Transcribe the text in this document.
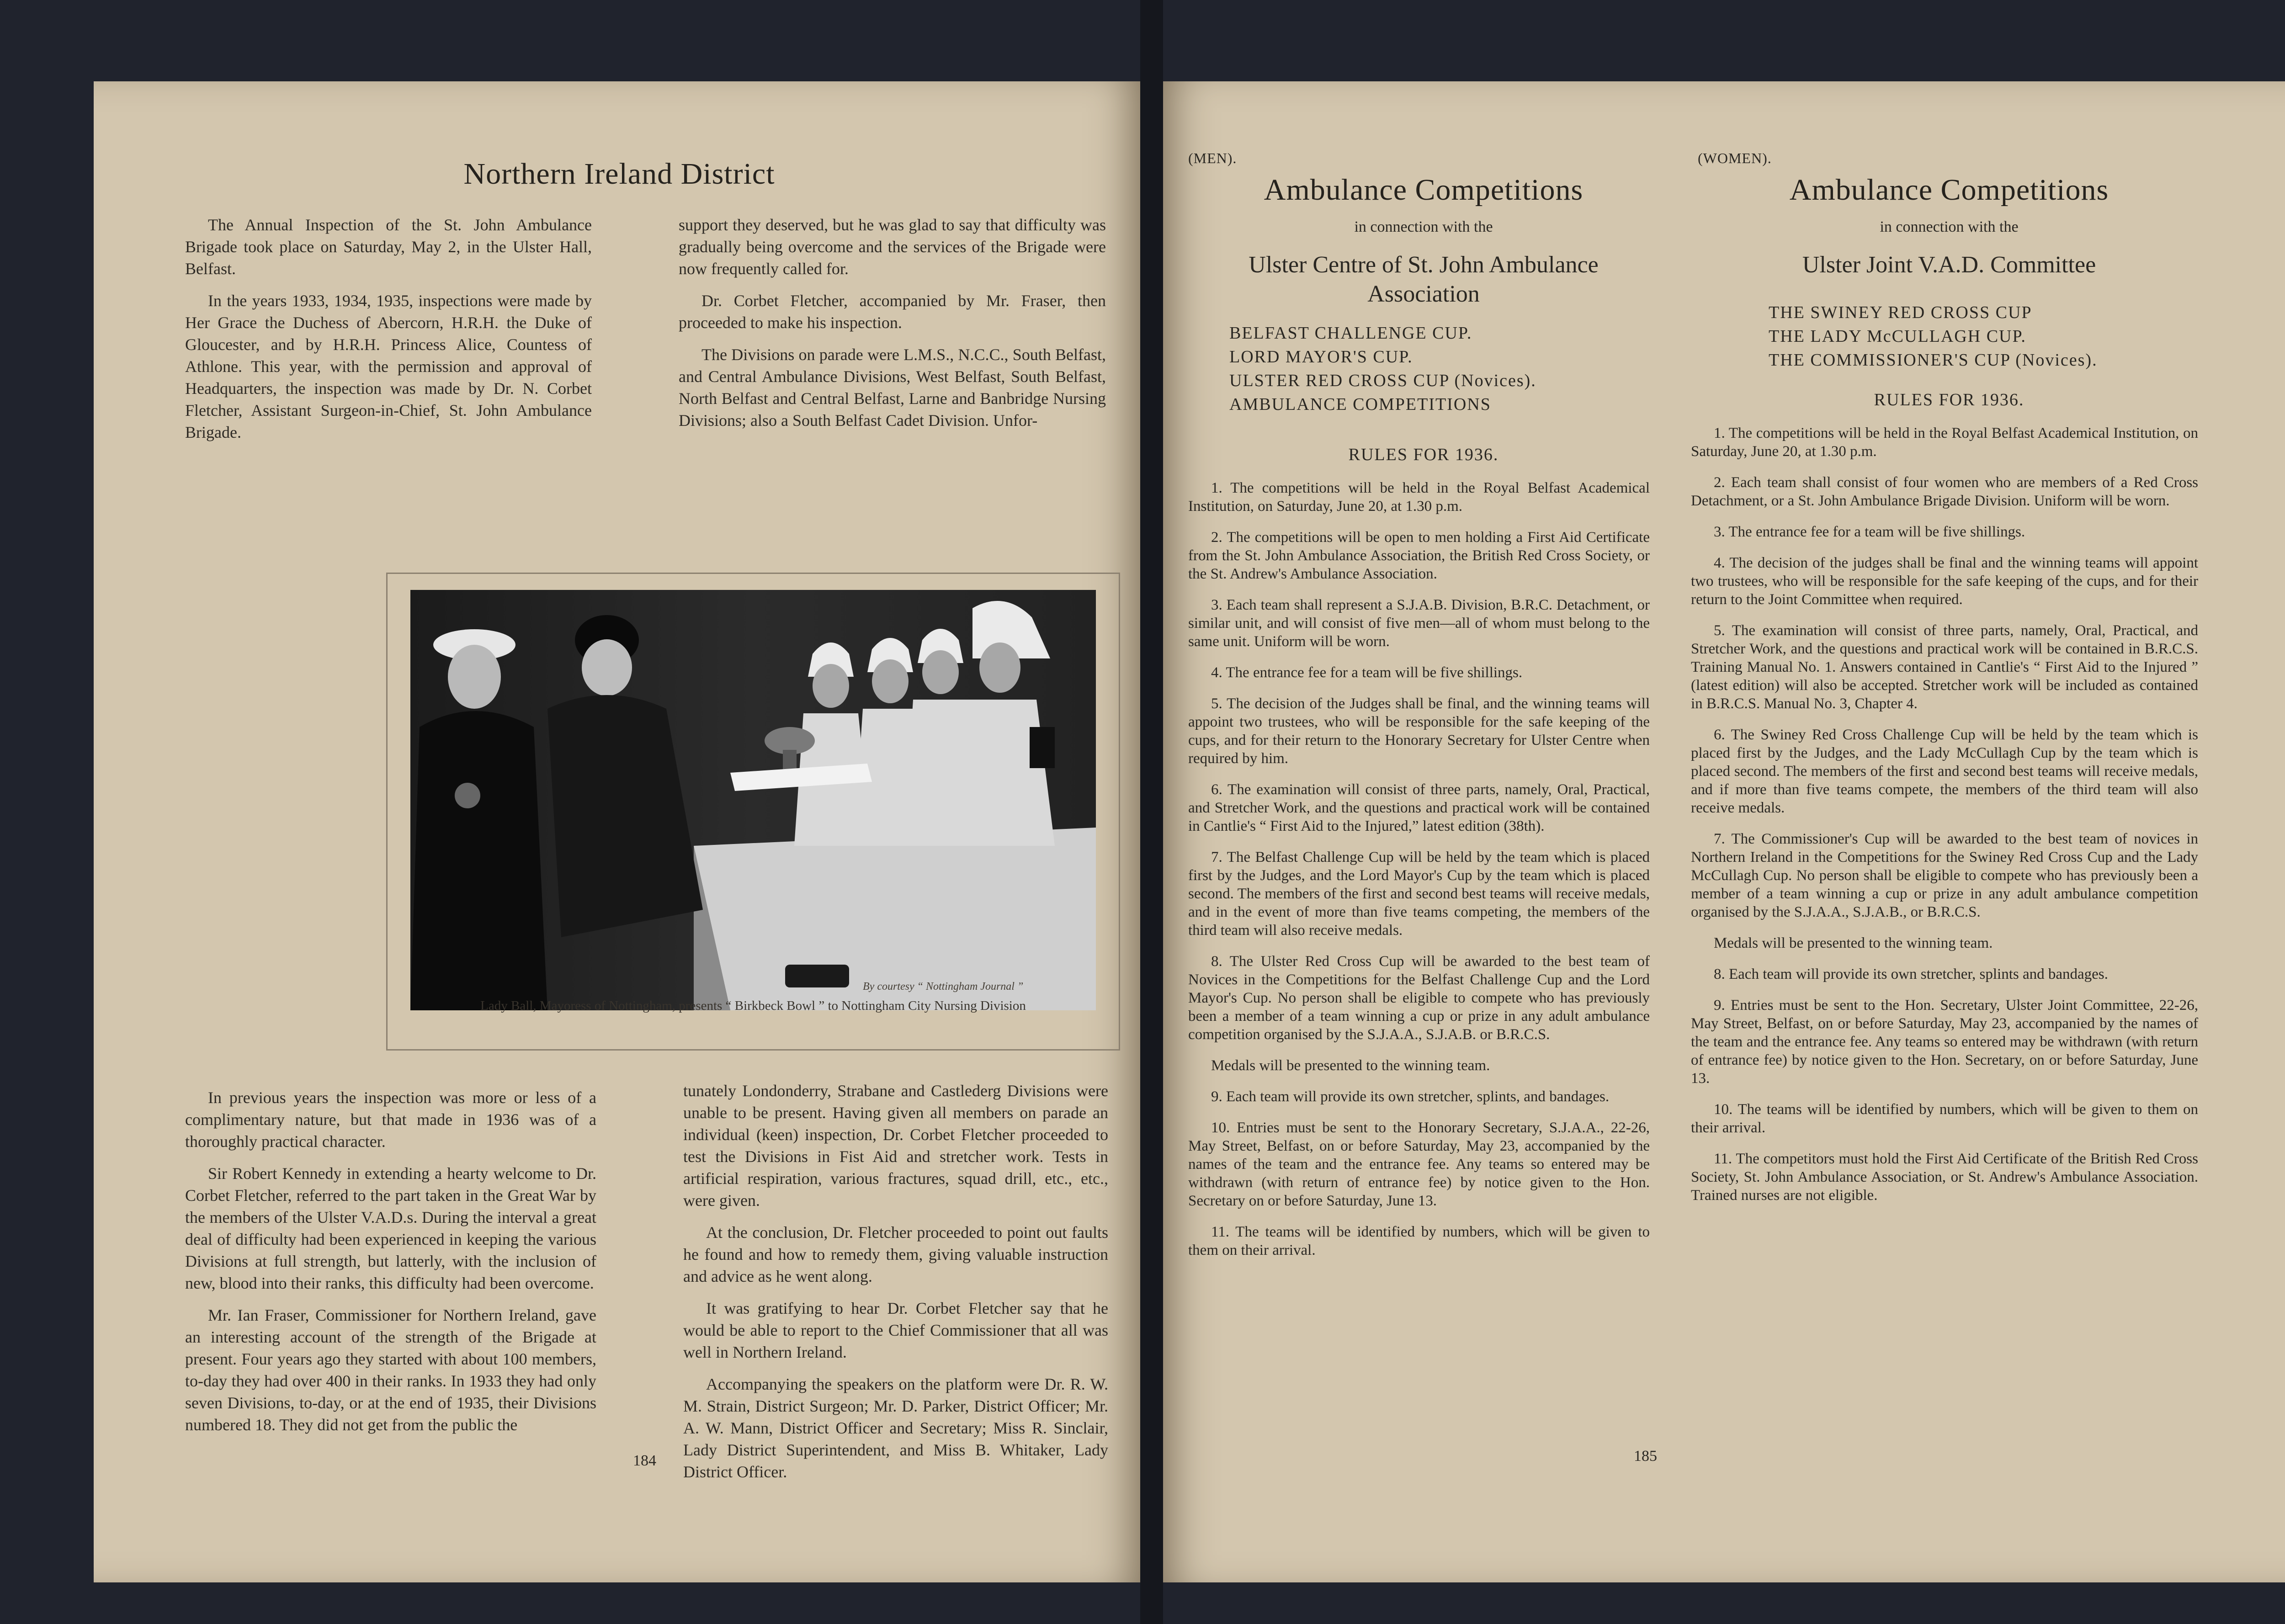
Northern Ireland District

The Annual Inspection of the St. John Ambulance Brigade took place on Saturday, May 2, in the Ulster Hall, Belfast.

In the years 1933, 1934, 1935, inspections were made by Her Grace the Duchess of Abercorn, H.R.H. the Duke of Gloucester, and by H.R.H. Princess Alice, Countess of Athlone. This year, with the permission and approval of Headquarters, the inspection was made by Dr. N. Corbet Fletcher, Assistant Surgeon-in-Chief, St. John Ambulance Brigade.

support they deserved, but he was glad to say that difficulty was gradually being overcome and the services of the Brigade were now frequently called for.

Dr. Corbet Fletcher, accompanied by Mr. Fraser, then proceeded to make his inspection.

The Divisions on parade were L.M.S., N.C.C., South Belfast, and Central Ambulance Divisions, West Belfast, South Belfast, North Belfast and Central Belfast, Larne and Banbridge Nursing Divisions; also a South Belfast Cadet Division. Unfor-

By courtesy “ Nottingham Journal ”
Lady Ball, Mayoress of Nottingham, presents “ Birkbeck Bowl ” to Nottingham City Nursing Division

In previous years the inspection was more or less of a complimentary nature, but that made in 1936 was of a thoroughly practical character.

Sir Robert Kennedy in extending a hearty welcome to Dr. Corbet Fletcher, referred to the part taken in the Great War by the members of the Ulster V.A.D.s. During the interval a great deal of difficulty had been experienced in keeping the various Divisions at full strength, but latterly, with the inclusion of new, blood into their ranks, this difficulty had been overcome.

Mr. Ian Fraser, Commissioner for Northern Ireland, gave an interesting account of the strength of the Brigade at present. Four years ago they started with about 100 members, to-day they had over 400 in their ranks. In 1933 they had only seven Divisions, to-day, or at the end of 1935, their Divisions numbered 18. They did not get from the public the

tunately Londonderry, Strabane and Castlederg Divisions were unable to be present. Having given all members on parade an individual (keen) inspection, Dr. Corbet Fletcher proceeded to test the Divisions in Fist Aid and stretcher work. Tests in artificial respiration, various fractures, squad drill, etc., etc., were given.

At the conclusion, Dr. Fletcher proceeded to point out faults he found and how to remedy them, giving valuable instruction and advice as he went along.

It was gratifying to hear Dr. Corbet Fletcher say that he would be able to report to the Chief Commissioner that all was well in Northern Ireland.

Accompanying the speakers on the platform were Dr. R. W. M. Strain, District Surgeon; Mr. D. Parker, District Officer; Mr. A. W. Mann, District Officer and Secretary; Miss R. Sinclair, Lady District Superintendent, and Miss B. Whitaker, Lady District Officer.

184
(MEN).
Ambulance Competitions
in connection with the
Ulster Centre of St. John Ambulance Association
BELFAST CHALLENGE CUP.
LORD MAYOR'S CUP.
ULSTER RED CROSS CUP (Novices).
AMBULANCE COMPETITIONS
RULES FOR 1936.

1. The competitions will be held in the Royal Belfast Academical Institution, on Saturday, June 20, at 1.30 p.m.

2. The competitions will be open to men holding a First Aid Certificate from the St. John Ambulance Association, the British Red Cross Society, or the St. Andrew's Ambulance Association.

3. Each team shall represent a S.J.A.B. Division, B.R.C. Detachment, or similar unit, and will consist of five men—all of whom must belong to the same unit. Uniform will be worn.

4. The entrance fee for a team will be five shillings.

5. The decision of the Judges shall be final, and the winning teams will appoint two trustees, who will be responsible for the safe keeping of the cups, and for their return to the Honorary Secretary for Ulster Centre when required by him.

6. The examination will consist of three parts, namely, Oral, Practical, and Stretcher Work, and the questions and practical work will be contained in Cantlie's “ First Aid to the Injured,” latest edition (38th).

7. The Belfast Challenge Cup will be held by the team which is placed first by the Judges, and the Lord Mayor's Cup by the team which is placed second. The members of the first and second best teams will receive medals, and in the event of more than five teams competing, the members of the third team will also receive medals.

8. The Ulster Red Cross Cup will be awarded to the best team of Novices in the Competitions for the Belfast Challenge Cup and the Lord Mayor's Cup. No person shall be eligible to compete who has previously been a member of a team winning a cup or prize in any adult ambulance competition organised by the S.J.A.A., S.J.A.B. or B.R.C.S.

Medals will be presented to the winning team.

9. Each team will provide its own stretcher, splints, and bandages.

10. Entries must be sent to the Honorary Secretary, S.J.A.A., 22-26, May Street, Belfast, on or before Saturday, May 23, accompanied by the names of the team and the entrance fee. Any teams so entered may be withdrawn (with return of entrance fee) by notice given to the Hon. Secretary on or before Saturday, June 13.

11. The teams will be identified by numbers, which will be given to them on their arrival.

(WOMEN).
Ambulance Competitions
in connection with the
Ulster Joint V.A.D. Committee
THE SWINEY RED CROSS CUP
THE LADY McCULLAGH CUP.
THE COMMISSIONER'S CUP (Novices).
RULES FOR 1936.

1. The competitions will be held in the Royal Belfast Academical Institution, on Saturday, June 20, at 1.30 p.m.

2. Each team shall consist of four women who are members of a Red Cross Detachment, or a St. John Ambulance Brigade Division. Uniform will be worn.

3. The entrance fee for a team will be five shillings.

4. The decision of the judges shall be final and the winning teams will appoint two trustees, who will be responsible for the safe keeping of the cups, and for their return to the Joint Committee when required.

5. The examination will consist of three parts, namely, Oral, Practical, and Stretcher Work, and the questions and practical work will be contained in B.R.C.S. Training Manual No. 1. Answers contained in Cantlie's “ First Aid to the Injured ” (latest edition) will also be accepted. Stretcher work will be included as contained in B.R.C.S. Manual No. 3, Chapter 4.

6. The Swiney Red Cross Challenge Cup will be held by the team which is placed first by the Judges, and the Lady McCullagh Cup by the team which is placed second. The members of the first and second best teams will receive medals, and if more than five teams compete, the members of the third team will also receive medals.

7. The Commissioner's Cup will be awarded to the best team of novices in Northern Ireland in the Competitions for the Swiney Red Cross Cup and the Lady McCullagh Cup. No person shall be eligible to compete who has previously been a member of a team winning a cup or prize in any adult ambulance competition organised by the S.J.A.A., S.J.A.B., or B.R.C.S.

Medals will be presented to the winning team.

8. Each team will provide its own stretcher, splints and bandages.

9. Entries must be sent to the Hon. Secretary, Ulster Joint Committee, 22-26, May Street, Belfast, on or before Saturday, May 23, accompanied by the names of the team and the entrance fee. Any teams so entered may be withdrawn (with return of entrance fee) by notice given to the Hon. Secretary, on or before Saturday, June 13.

10. The teams will be identified by numbers, which will be given to them on their arrival.

11. The competitors must hold the First Aid Certificate of the British Red Cross Society, St. John Ambulance Association, or St. Andrew's Ambulance Association. Trained nurses are not eligible.

185
